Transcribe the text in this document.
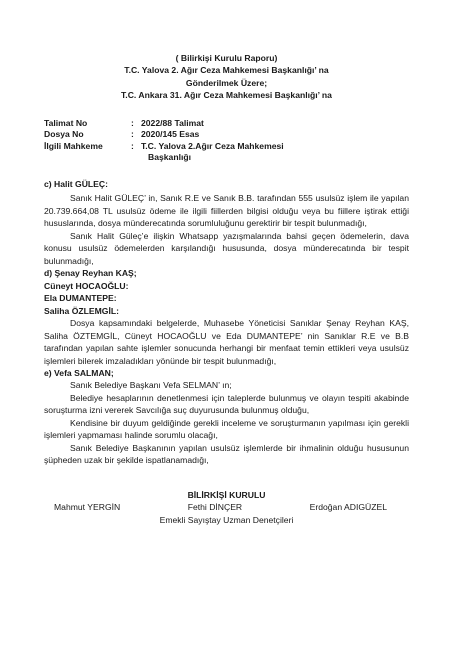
( Bilirkişi Kurulu Raporu)
T.C. Yalova 2. Ağır Ceza Mahkemesi Başkanlığı’ na
Gönderilmek Üzere;
T.C. Ankara 31. Ağır Ceza Mahkemesi Başkanlığı’ na
Talimat No	: 2022/88 Talimat
Dosya No	: 2020/145 Esas
İlgili Mahkeme	: T.C. Yalova 2.Ağır Ceza Mahkemesi
Başkanlığı
c) Halit GÜLEÇ:

Sanık Halit GÜLEÇ’ in, Sanık R.E ve Sanık B.B. tarafından 555 usulsüz işlem ile yapılan 20.739.664,08 TL usulsüz ödeme ile ilgili fiillerden bilgisi olduğu veya bu fiillere iştirak ettiği hususlarında, dosya münderecatında sorumluluğunu gerektirir bir tespit bulunmadığı,

Sanık Halit Güleç’e ilişkin Whatsapp yazışmalarında bahsi geçen ödemelerin, dava konusu usulsüz ödemelerden karşılandığı hususunda, dosya münderecatında bir tespit bulunmadığı,

d) Şenay Reyhan KAŞ;
Cüneyt HOCAOĞLU:
Ela DUMANTEPE:
Saliha ÖZLEMGİL:

Dosya kapsamındaki belgelerde, Muhasebe Yöneticisi Sanıklar Şenay Reyhan KAŞ, Saliha ÖZTEMGİL, Cüneyt HOCAOĞLU ve Eda DUMANTEPE’ nin Sanıklar R.E ve B.B tarafından yapılan sahte işlemler sonucunda herhangi bir menfaat temin ettikleri veya usulsüz işlemleri bilerek imzaladıkları yönünde bir tespit bulunmadığı,

e) Vefa SALMAN;

Sanık Belediye Başkanı Vefa SELMAN’ ın;

Belediye hesaplarının denetlenmesi için taleplerde bulunmuş ve olayın tespiti akabinde soruşturma izni vererek Savcılığa suç duyurusunda bulunmuş olduğu,

Kendisine bir duyum geldiğinde gerekli inceleme ve soruşturmanın yapılması için gerekli işlemleri yapmaması halinde sorumlu olacağı,

Sanık Belediye Başkanının yapılan usulsüz işlemlerde bir ihmalinin olduğu hususunun şüpheden uzak bir şekilde ispatlanamadığı,

BİLİRKİŞİ KURULU
Mahmut YERGİN	Fethi DİNÇER	Erdoğan ADIGÜZEL
Emekli Sayıştay Uzman Denetçileri
